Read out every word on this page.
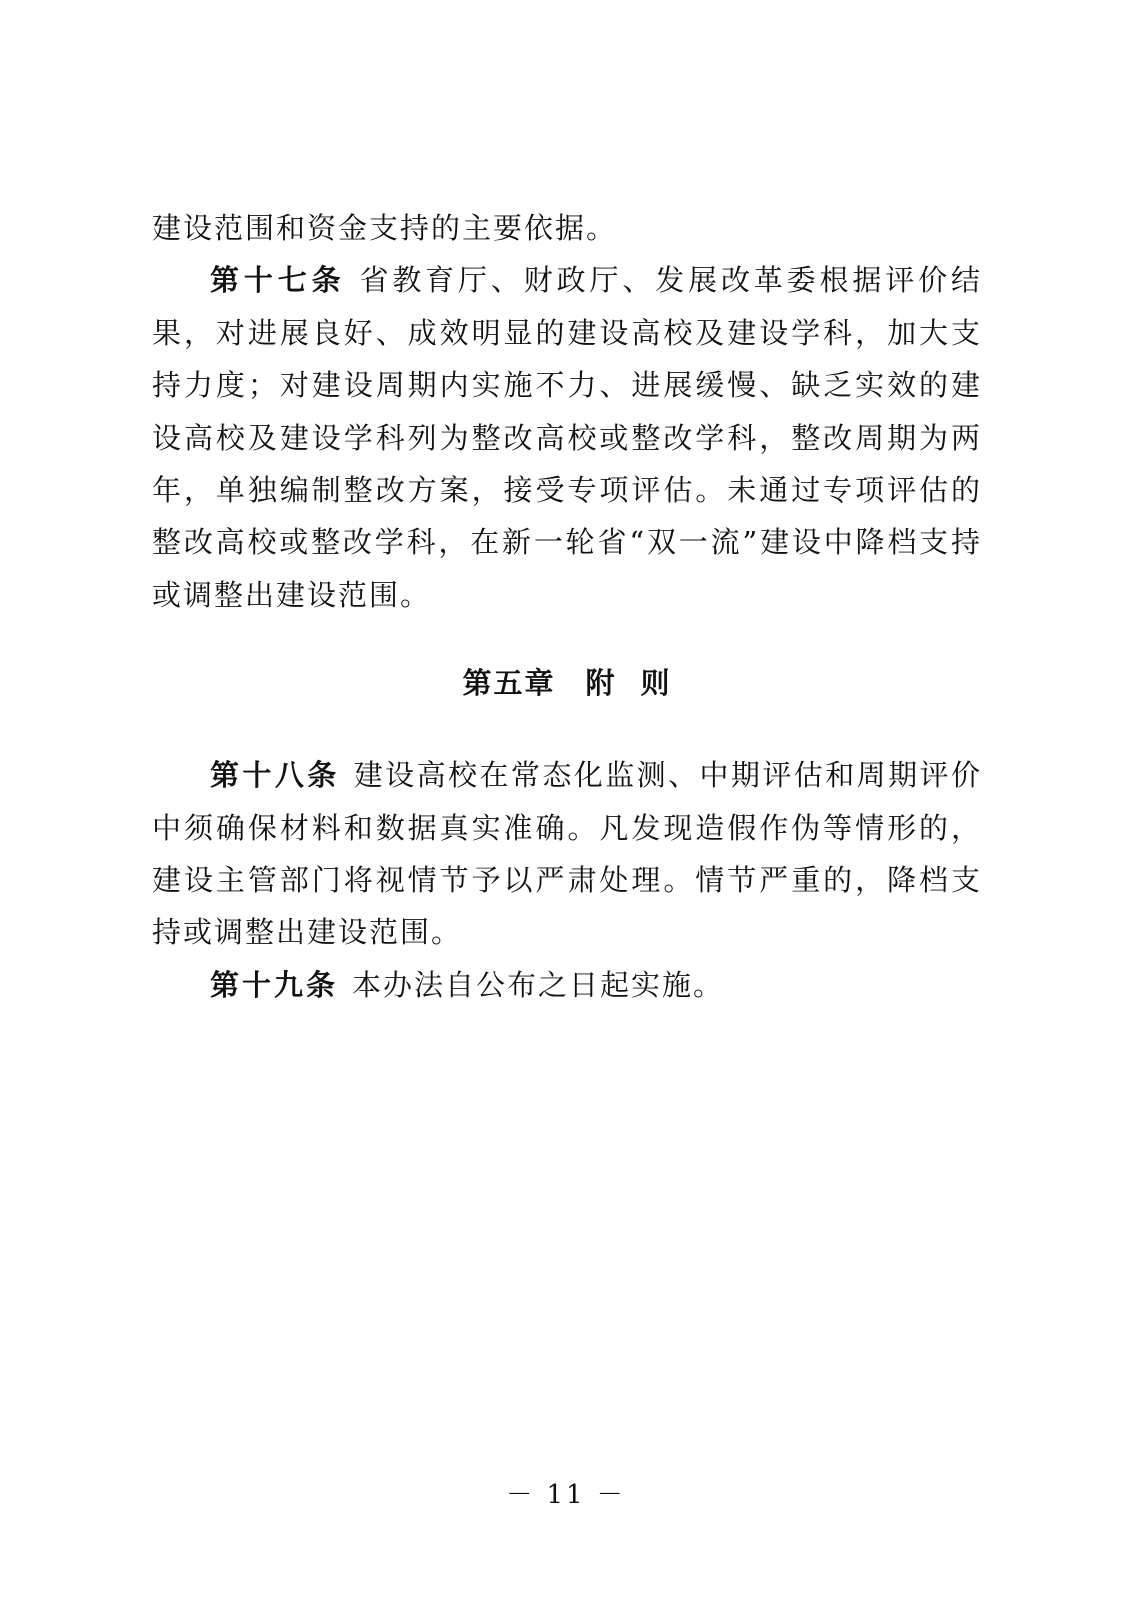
建设范围和资金支持的主要依据。

第十七条 省教育厅、财政厅、发展改革委根据评价结果，对进展良好、成效明显的建设高校及建设学科，加大支持力度；对建设周期内实施不力、进展缓慢、缺乏实效的建设高校及建设学科列为整改高校或整改学科，整改周期为两年，单独编制整改方案，接受专项评估。未通过专项评估的整改高校或整改学科，在新一轮省“双一流”建设中降档支持或调整出建设范围。

第五章 附 则

第十八条 建设高校在常态化监测、中期评估和周期评价中须确保材料和数据真实准确。凡发现造假作伪等情形的，建设主管部门将视情节予以严肃处理。情节严重的，降档支持或调整出建设范围。

第十九条 本办法自公布之日起实施。

－ 11 －
